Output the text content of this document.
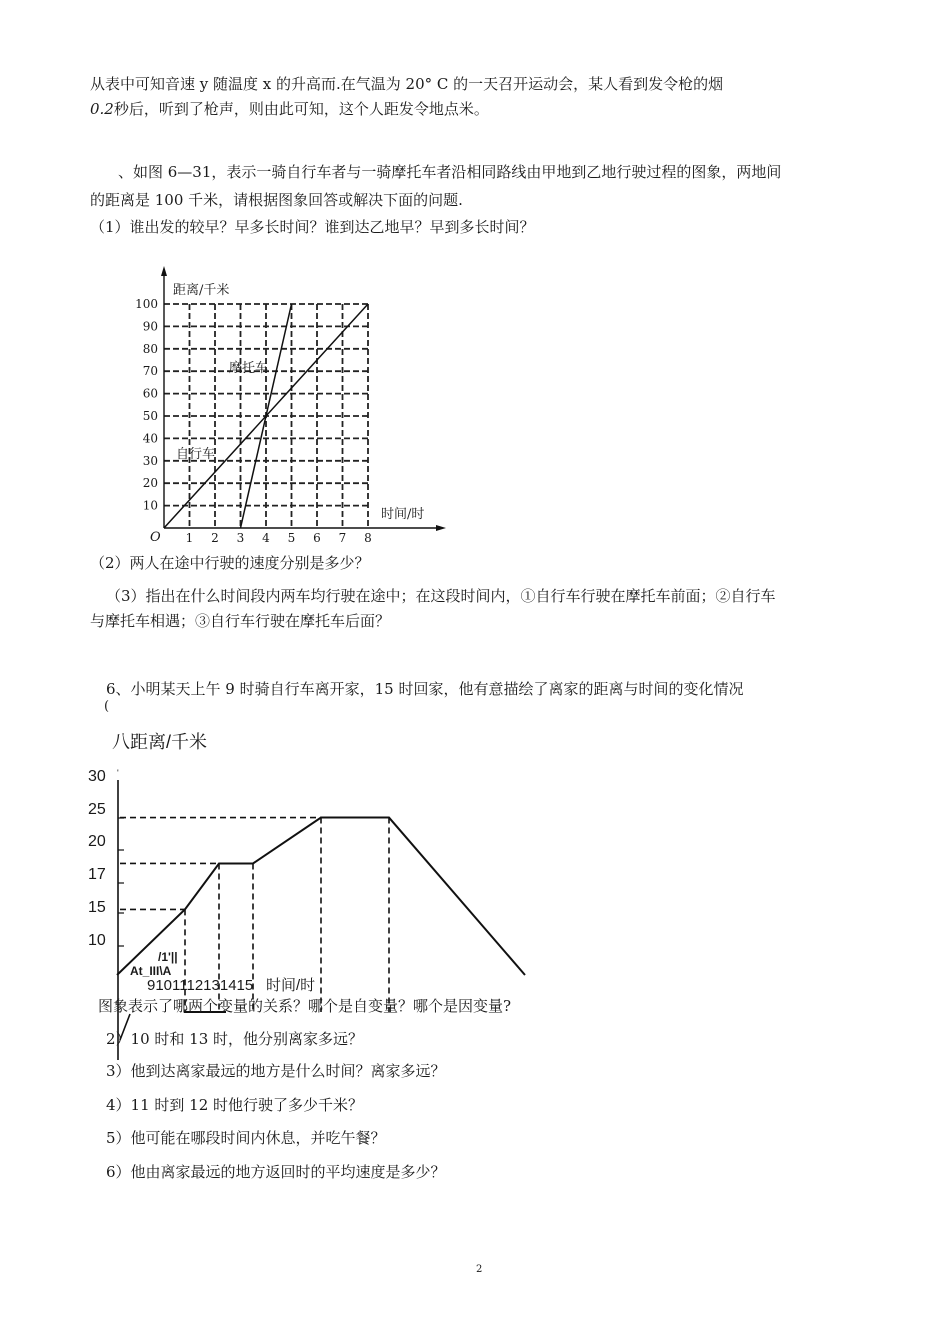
从表中可知音速 y 随温度 x 的升高而.在气温为 20° C 的一天召开运动会，某人看到发令枪的烟
0.2秒后，听到了枪声，则由此可知，这个人距发令地点米。
、如图 6—31，表示一骑自行车者与一骑摩托车者沿相同路线由甲地到乙地行驶过程的图象，两地间
的距离是 100 千米，请根据图象回答或解决下面的问题.
（1）谁出发的较早？早多长时间？谁到达乙地早？早到多长时间？
1 2 3 4 5 6 7 8
10
20
30
40
50
60
70
80
90
100
O
距离/千米
时间/时
摩托车
自行车
（2）两人在途中行驶的速度分别是多少？
（3）指出在什么时间段内两车均行驶在途中；在这段时间内，①自行车行驶在摩托车前面；②自行车
与摩托车相遇；③自行车行驶在摩托车后面？
6、小明某天上午 9 时骑自行车离开家，15 时回家，他有意描绘了离家的距离与时间的变化情况
(
八距离/千米
10
15
17
20
25
30 '
/1'||
At_III\A
9101112131415 时间/时
图象表示了哪两个变量的关系？哪个是自变量？哪个是因变量?
2）10 时和 13 时，他分别离家多远？
3）他到达离家最远的地方是什么时间？离家多远？
4）11 时到 12 时他行驶了多少千米？
5）他可能在哪段时间内休息，并吃午餐？
6）他由离家最远的地方返回时的平均速度是多少？
2
